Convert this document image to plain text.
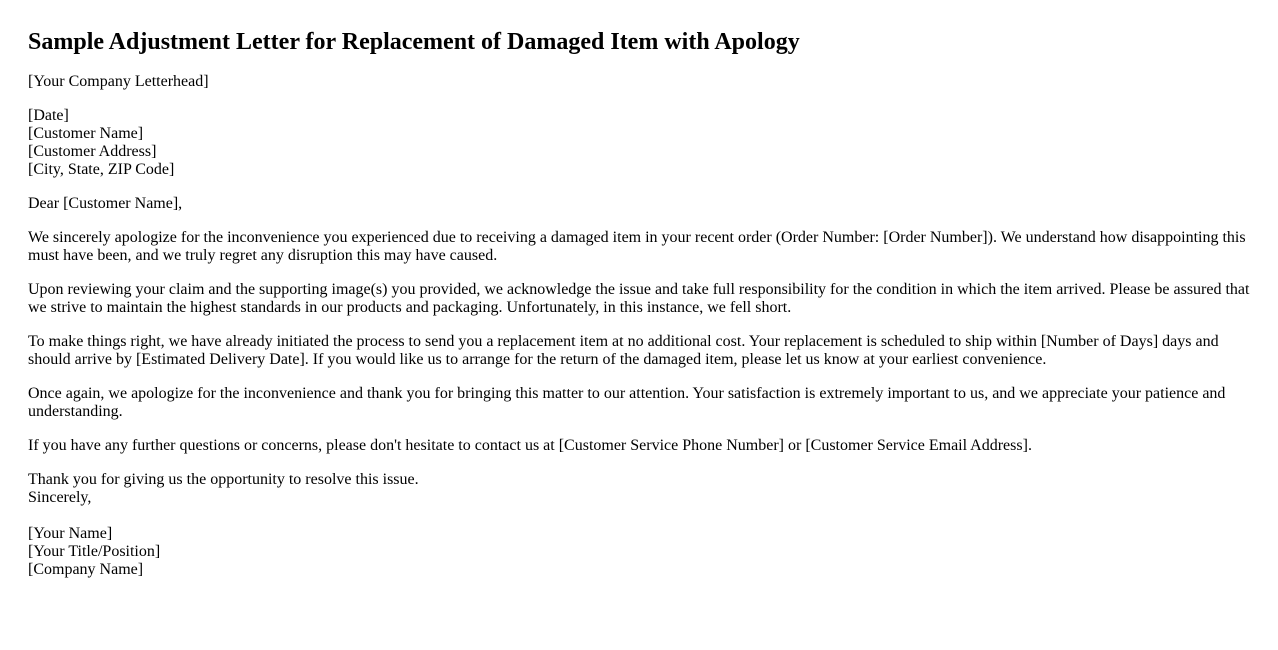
Sample Adjustment Letter for Replacement of Damaged Item with Apology

[Your Company Letterhead]

[Date]
[Customer Name]
[Customer Address]
[City, State, ZIP Code]

Dear [Customer Name],

We sincerely apologize for the inconvenience you experienced due to receiving a damaged item in your recent order (Order Number: [Order Number]). We understand how disappointing this must have been, and we truly regret any disruption this may have caused.

Upon reviewing your claim and the supporting image(s) you provided, we acknowledge the issue and take full responsibility for the condition in which the item arrived. Please be assured that we strive to maintain the highest standards in our products and packaging. Unfortunately, in this instance, we fell short.

To make things right, we have already initiated the process to send you a replacement item at no additional cost. Your replacement is scheduled to ship within [Number of Days] days and should arrive by [Estimated Delivery Date]. If you would like us to arrange for the return of the damaged item, please let us know at your earliest convenience.

Once again, we apologize for the inconvenience and thank you for bringing this matter to our attention. Your satisfaction is extremely important to us, and we appreciate your patience and understanding.

If you have any further questions or concerns, please don't hesitate to contact us at [Customer Service Phone Number] or [Customer Service Email Address].

Thank you for giving us the opportunity to resolve this issue.
Sincerely,
[Your Name]
[Your Title/Position]
[Company Name]
